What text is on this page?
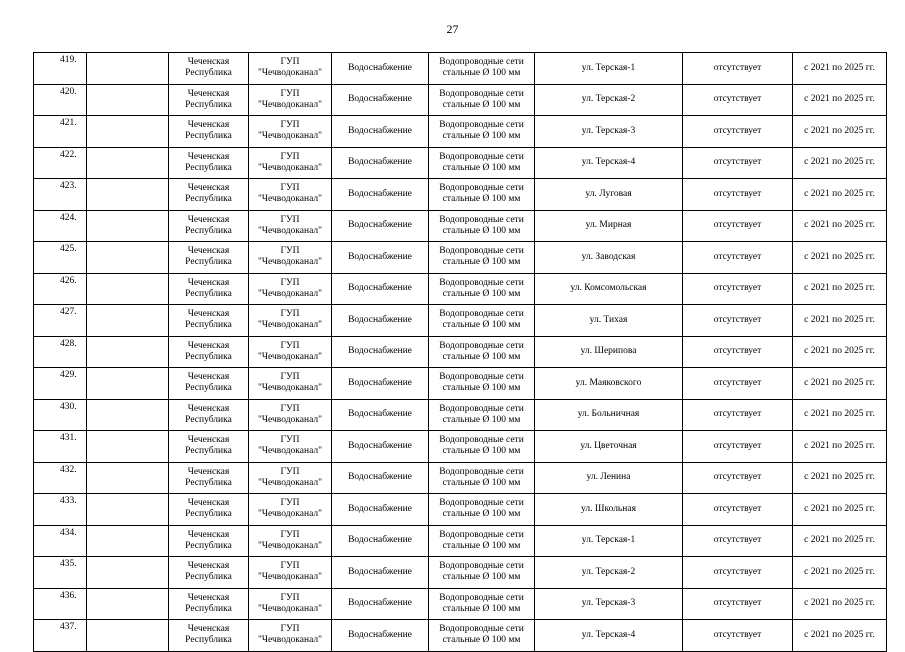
27
419.		Чеченская Республика	ГУП "Чечводоканал"	Водоснабжение	Водопроводные сети стальные Ø 100 мм	ул. Терская-1	отсутствует	с 2021 по 2025 гг.
420.		Чеченская Республика	ГУП "Чечводоканал"	Водоснабжение	Водопроводные сети стальные Ø 100 мм	ул. Терская-2	отсутствует	с 2021 по 2025 гг.
421.		Чеченская Республика	ГУП "Чечводоканал"	Водоснабжение	Водопроводные сети стальные Ø 100 мм	ул. Терская-3	отсутствует	с 2021 по 2025 гг.
422.		Чеченская Республика	ГУП "Чечводоканал"	Водоснабжение	Водопроводные сети стальные Ø 100 мм	ул. Терская-4	отсутствует	с 2021 по 2025 гг.
423.		Чеченская Республика	ГУП "Чечводоканал"	Водоснабжение	Водопроводные сети стальные Ø 100 мм	ул. Луговая	отсутствует	с 2021 по 2025 гг.
424.		Чеченская Республика	ГУП "Чечводоканал"	Водоснабжение	Водопроводные сети стальные Ø 100 мм	ул. Мирная	отсутствует	с 2021 по 2025 гг.
425.		Чеченская Республика	ГУП "Чечводоканал"	Водоснабжение	Водопроводные сети стальные Ø 100 мм	ул. Заводская	отсутствует	с 2021 по 2025 гг.
426.		Чеченская Республика	ГУП "Чечводоканал"	Водоснабжение	Водопроводные сети стальные Ø 100 мм	ул. Комсомольская	отсутствует	с 2021 по 2025 гг.
427.		Чеченская Республика	ГУП "Чечводоканал"	Водоснабжение	Водопроводные сети стальные Ø 100 мм	ул. Тихая	отсутствует	с 2021 по 2025 гг.
428.		Чеченская Республика	ГУП "Чечводоканал"	Водоснабжение	Водопроводные сети стальные Ø 100 мм	ул. Шерипова	отсутствует	с 2021 по 2025 гг.
429.		Чеченская Республика	ГУП "Чечводоканал"	Водоснабжение	Водопроводные сети стальные Ø 100 мм	ул. Маяковского	отсутствует	с 2021 по 2025 гг.
430.		Чеченская Республика	ГУП "Чечводоканал"	Водоснабжение	Водопроводные сети стальные Ø 100 мм	ул. Больничная	отсутствует	с 2021 по 2025 гг.
431.		Чеченская Республика	ГУП "Чечводоканал"	Водоснабжение	Водопроводные сети стальные Ø 100 мм	ул. Цветочная	отсутствует	с 2021 по 2025 гг.
432.		Чеченская Республика	ГУП "Чечводоканал"	Водоснабжение	Водопроводные сети стальные Ø 100 мм	ул. Ленина	отсутствует	с 2021 по 2025 гг.
433.		Чеченская Республика	ГУП "Чечводоканал"	Водоснабжение	Водопроводные сети стальные Ø 100 мм	ул. Школьная	отсутствует	с 2021 по 2025 гг.
434.		Чеченская Республика	ГУП "Чечводоканал"	Водоснабжение	Водопроводные сети стальные Ø 100 мм	ул. Терская-1	отсутствует	с 2021 по 2025 гг.
435.		Чеченская Республика	ГУП "Чечводоканал"	Водоснабжение	Водопроводные сети стальные Ø 100 мм	ул. Терская-2	отсутствует	с 2021 по 2025 гг.
436.		Чеченская Республика	ГУП "Чечводоканал"	Водоснабжение	Водопроводные сети стальные Ø 100 мм	ул. Терская-3	отсутствует	с 2021 по 2025 гг.
437.		Чеченская Республика	ГУП "Чечводоканал"	Водоснабжение	Водопроводные сети стальные Ø 100 мм	ул. Терская-4	отсутствует	с 2021 по 2025 гг.
